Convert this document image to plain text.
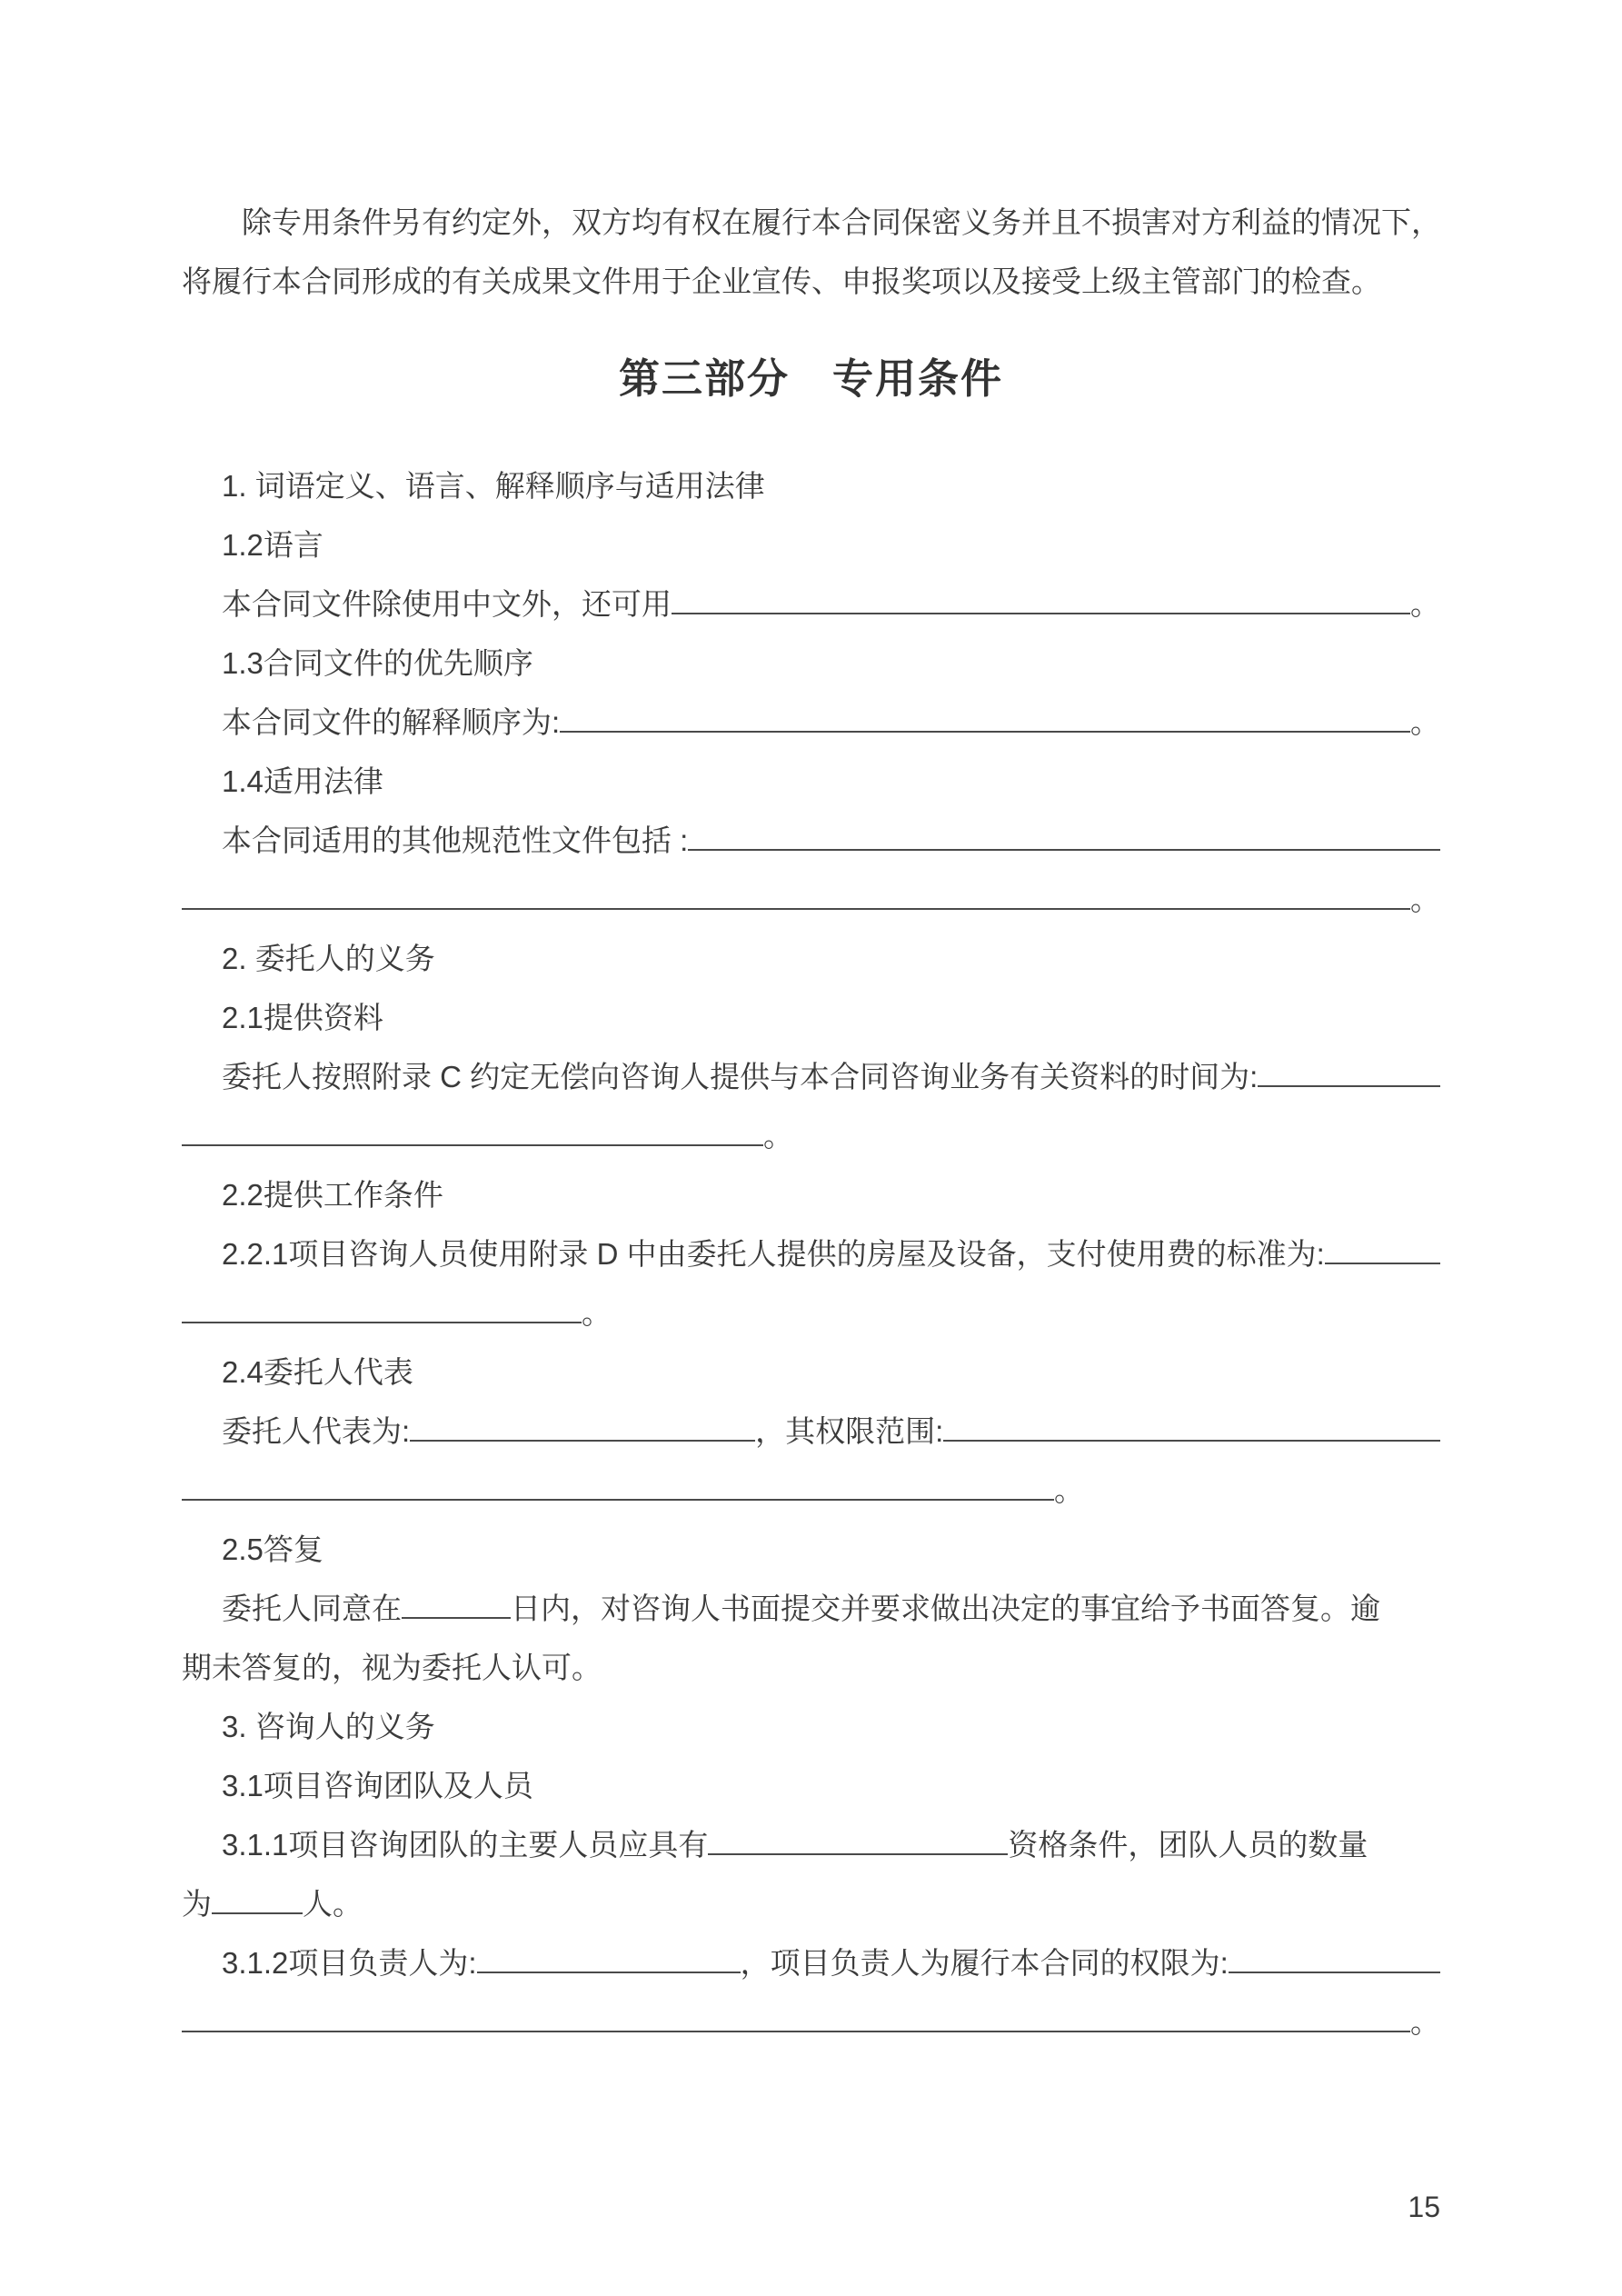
除专用条件另有约定外，双方均有权在履行本合同保密义务并且不损害对方利益的情况下，
将履行本合同形成的有关成果文件用于企业宣传、申报奖项以及接受上级主管部门的检查。
第三部分　专用条件
1. 词语定义、语言、解释顺序与适用法律
1.2语言
本合同文件除使用中文外，还可用	。
1.3合同文件的优先顺序
本合同文件的解释顺序为:	。
1.4适用法律
本合同适用的其他规范性文件包括 :
。
2. 委托人的义务
2.1提供资料
委托人按照附录 C 约定无偿向咨询人提供与本合同咨询业务有关资料的时间为:
。
2.2提供工作条件
2.2.1项目咨询人员使用附录 D 中由委托人提供的房屋及设备，支付使用费的标准为:
。
2.4委托人代表
委托人代表为:	，其权限范围:
。
2.5答复
委托人同意在	日内，对咨询人书面提交并要求做出决定的事宜给予书面答复。逾
期未答复的，视为委托人认可。
3. 咨询人的义务
3.1项目咨询团队及人员
3.1.1项目咨询团队的主要人员应具有	资格条件，团队人员的数量
为	人。
3.1.2项目负责人为:	，项目负责人为履行本合同的权限为:
。
15
